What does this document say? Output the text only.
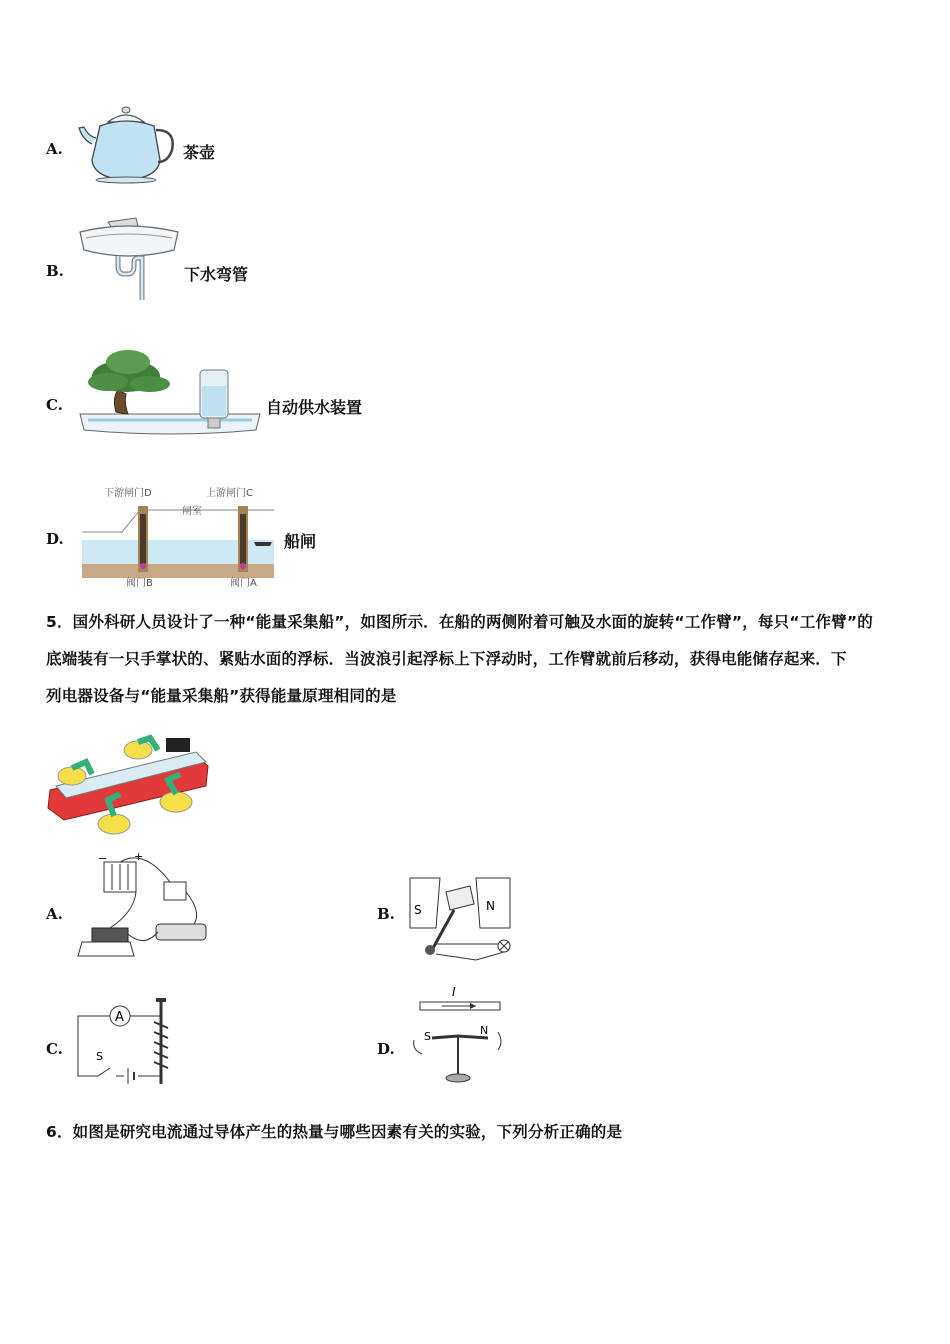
A.	茶壶
B.	下水弯管
C.	自动供水装置
D.
下游闸门D	上游闸门C
闸室
阀门B	阀门A
船闸
5．国外科研人员设计了一种“能量采集船”，如图所示．在船的两侧附着可触及水面的旋转“工作臂”，每只“工作臂”的
底端装有一只手掌状的、紧贴水面的浮标．当波浪引起浮标上下浮动时，工作臂就前后移动，获得电能储存起来．下
列电器设备与“能量采集船”获得能量原理相同的是
A.
− +
B. S	N
C.
A
S	D.
I
S	N
6．如图是研究电流通过导体产生的热量与哪些因素有关的实验，下列分析正确的是
